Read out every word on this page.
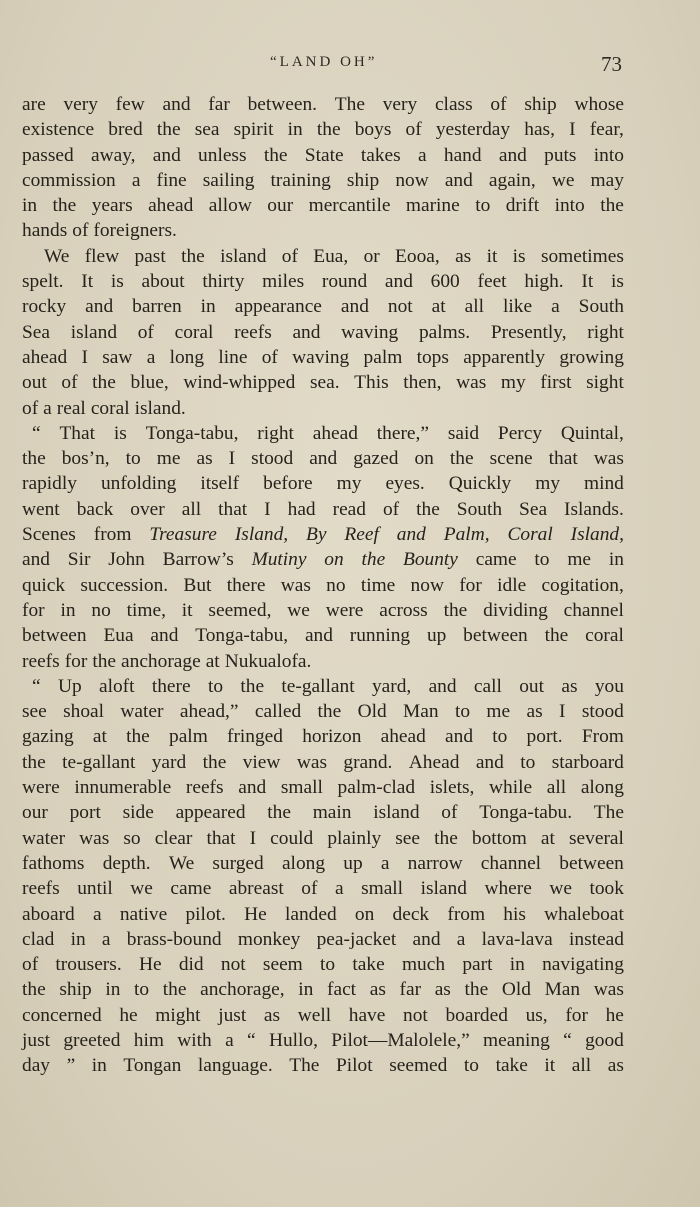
“LAND OH”	73
are very few and far between. The very class of ship whose
existence bred the sea spirit in the boys of yesterday has, I fear,
passed away, and unless the State takes a hand and puts into
commission a fine sailing training ship now and again, we may
in the years ahead allow our mercantile marine to drift into the
hands of foreigners.
We flew past the island of Eua, or Eooa, as it is sometimes
spelt. It is about thirty miles round and 600 feet high. It is
rocky and barren in appearance and not at all like a South
Sea island of coral reefs and waving palms. Presently, right
ahead I saw a long line of waving palm tops apparently growing
out of the blue, wind-whipped sea. This then, was my first sight
of a real coral island.
“ That is Tonga-tabu, right ahead there,” said Percy Quintal,
the bos’n, to me as I stood and gazed on the scene that was
rapidly unfolding itself before my eyes. Quickly my mind
went back over all that I had read of the South Sea Islands.
Scenes from Treasure Island, By Reef and Palm, Coral Island,
and Sir John Barrow’s Mutiny on the Bounty came to me in
quick succession. But there was no time now for idle cogitation,
for in no time, it seemed, we were across the dividing channel
between Eua and Tonga-tabu, and running up between the coral
reefs for the anchorage at Nukualofa.
“ Up aloft there to the te-gallant yard, and call out as you
see shoal water ahead,” called the Old Man to me as I stood
gazing at the palm fringed horizon ahead and to port. From
the te-gallant yard the view was grand. Ahead and to starboard
were innumerable reefs and small palm-clad islets, while all along
our port side appeared the main island of Tonga-tabu. The
water was so clear that I could plainly see the bottom at several
fathoms depth. We surged along up a narrow channel between
reefs until we came abreast of a small island where we took
aboard a native pilot. He landed on deck from his whaleboat
clad in a brass-bound monkey pea-jacket and a lava-lava instead
of trousers. He did not seem to take much part in navigating
the ship in to the anchorage, in fact as far as the Old Man was
concerned he might just as well have not boarded us, for he
just greeted him with a “ Hullo, Pilot—Malolele,” meaning “ good
day ” in Tongan language. The Pilot seemed to take it all as
